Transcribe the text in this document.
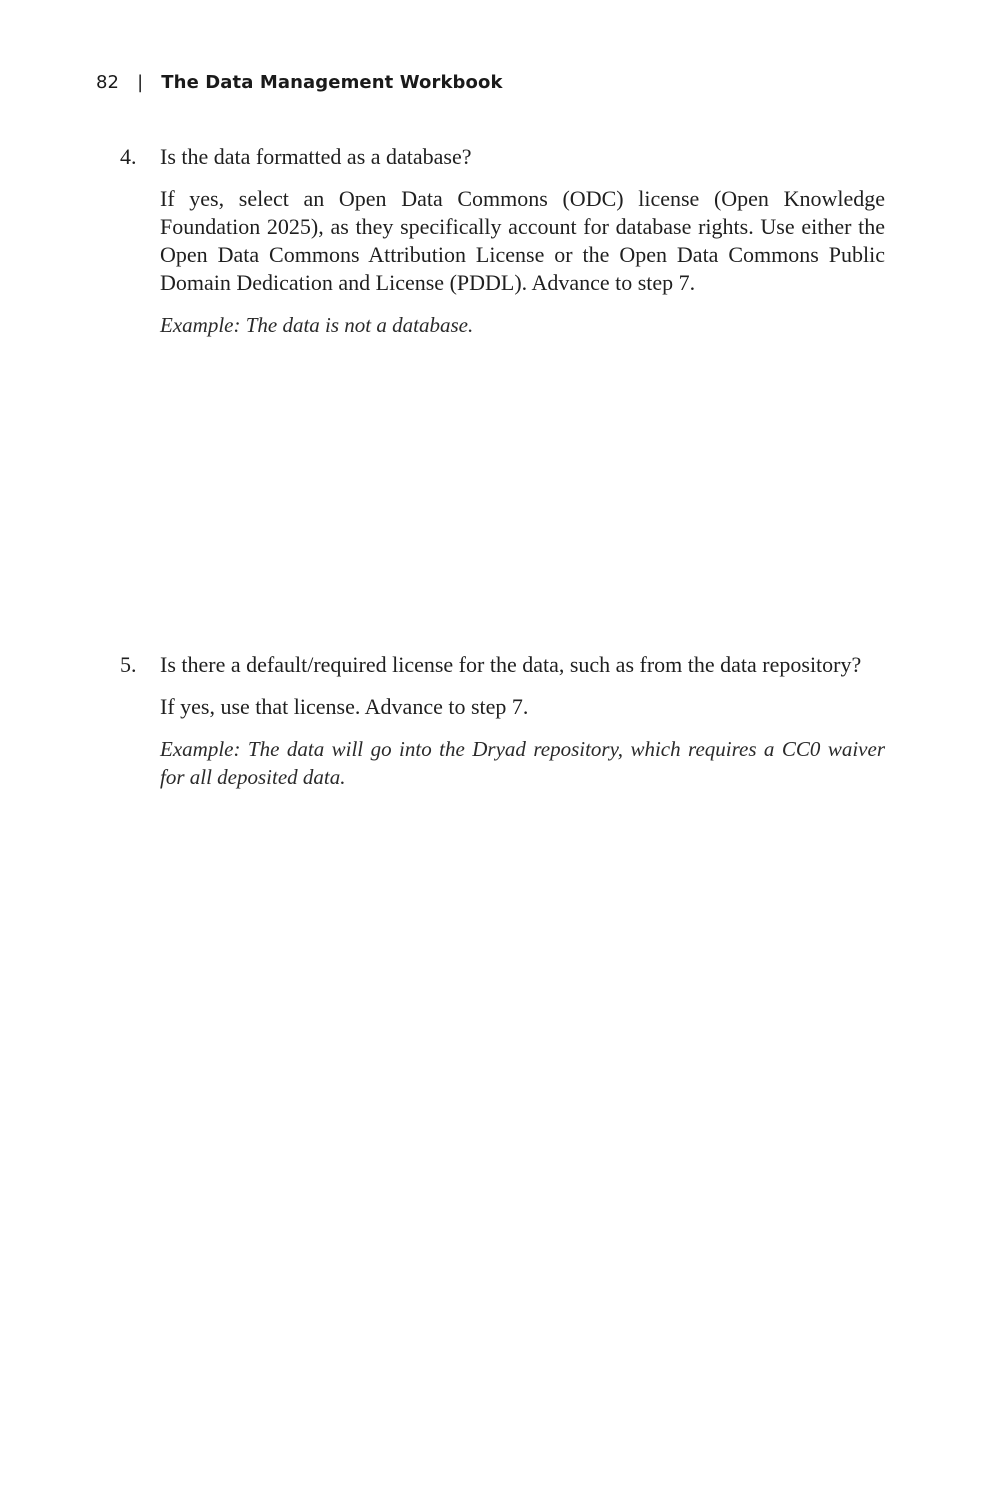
82 | The Data Management Workbook
4.	Is the data formatted as a database?

If yes, select an Open Data Commons (ODC) license (Open Knowledge Foundation 2025), as they specifically account for database rights. Use either the Open Data Commons Attribution License or the Open Data Commons Public Domain Dedication and License (PDDL). Advance to step 7.

Example: The data is not a database.

5.	Is there a default/required license for the data, such as from the data repository?

If yes, use that license. Advance to step 7.

Example: The data will go into the Dryad repository, which requires a CC0 waiver for all deposited data.
